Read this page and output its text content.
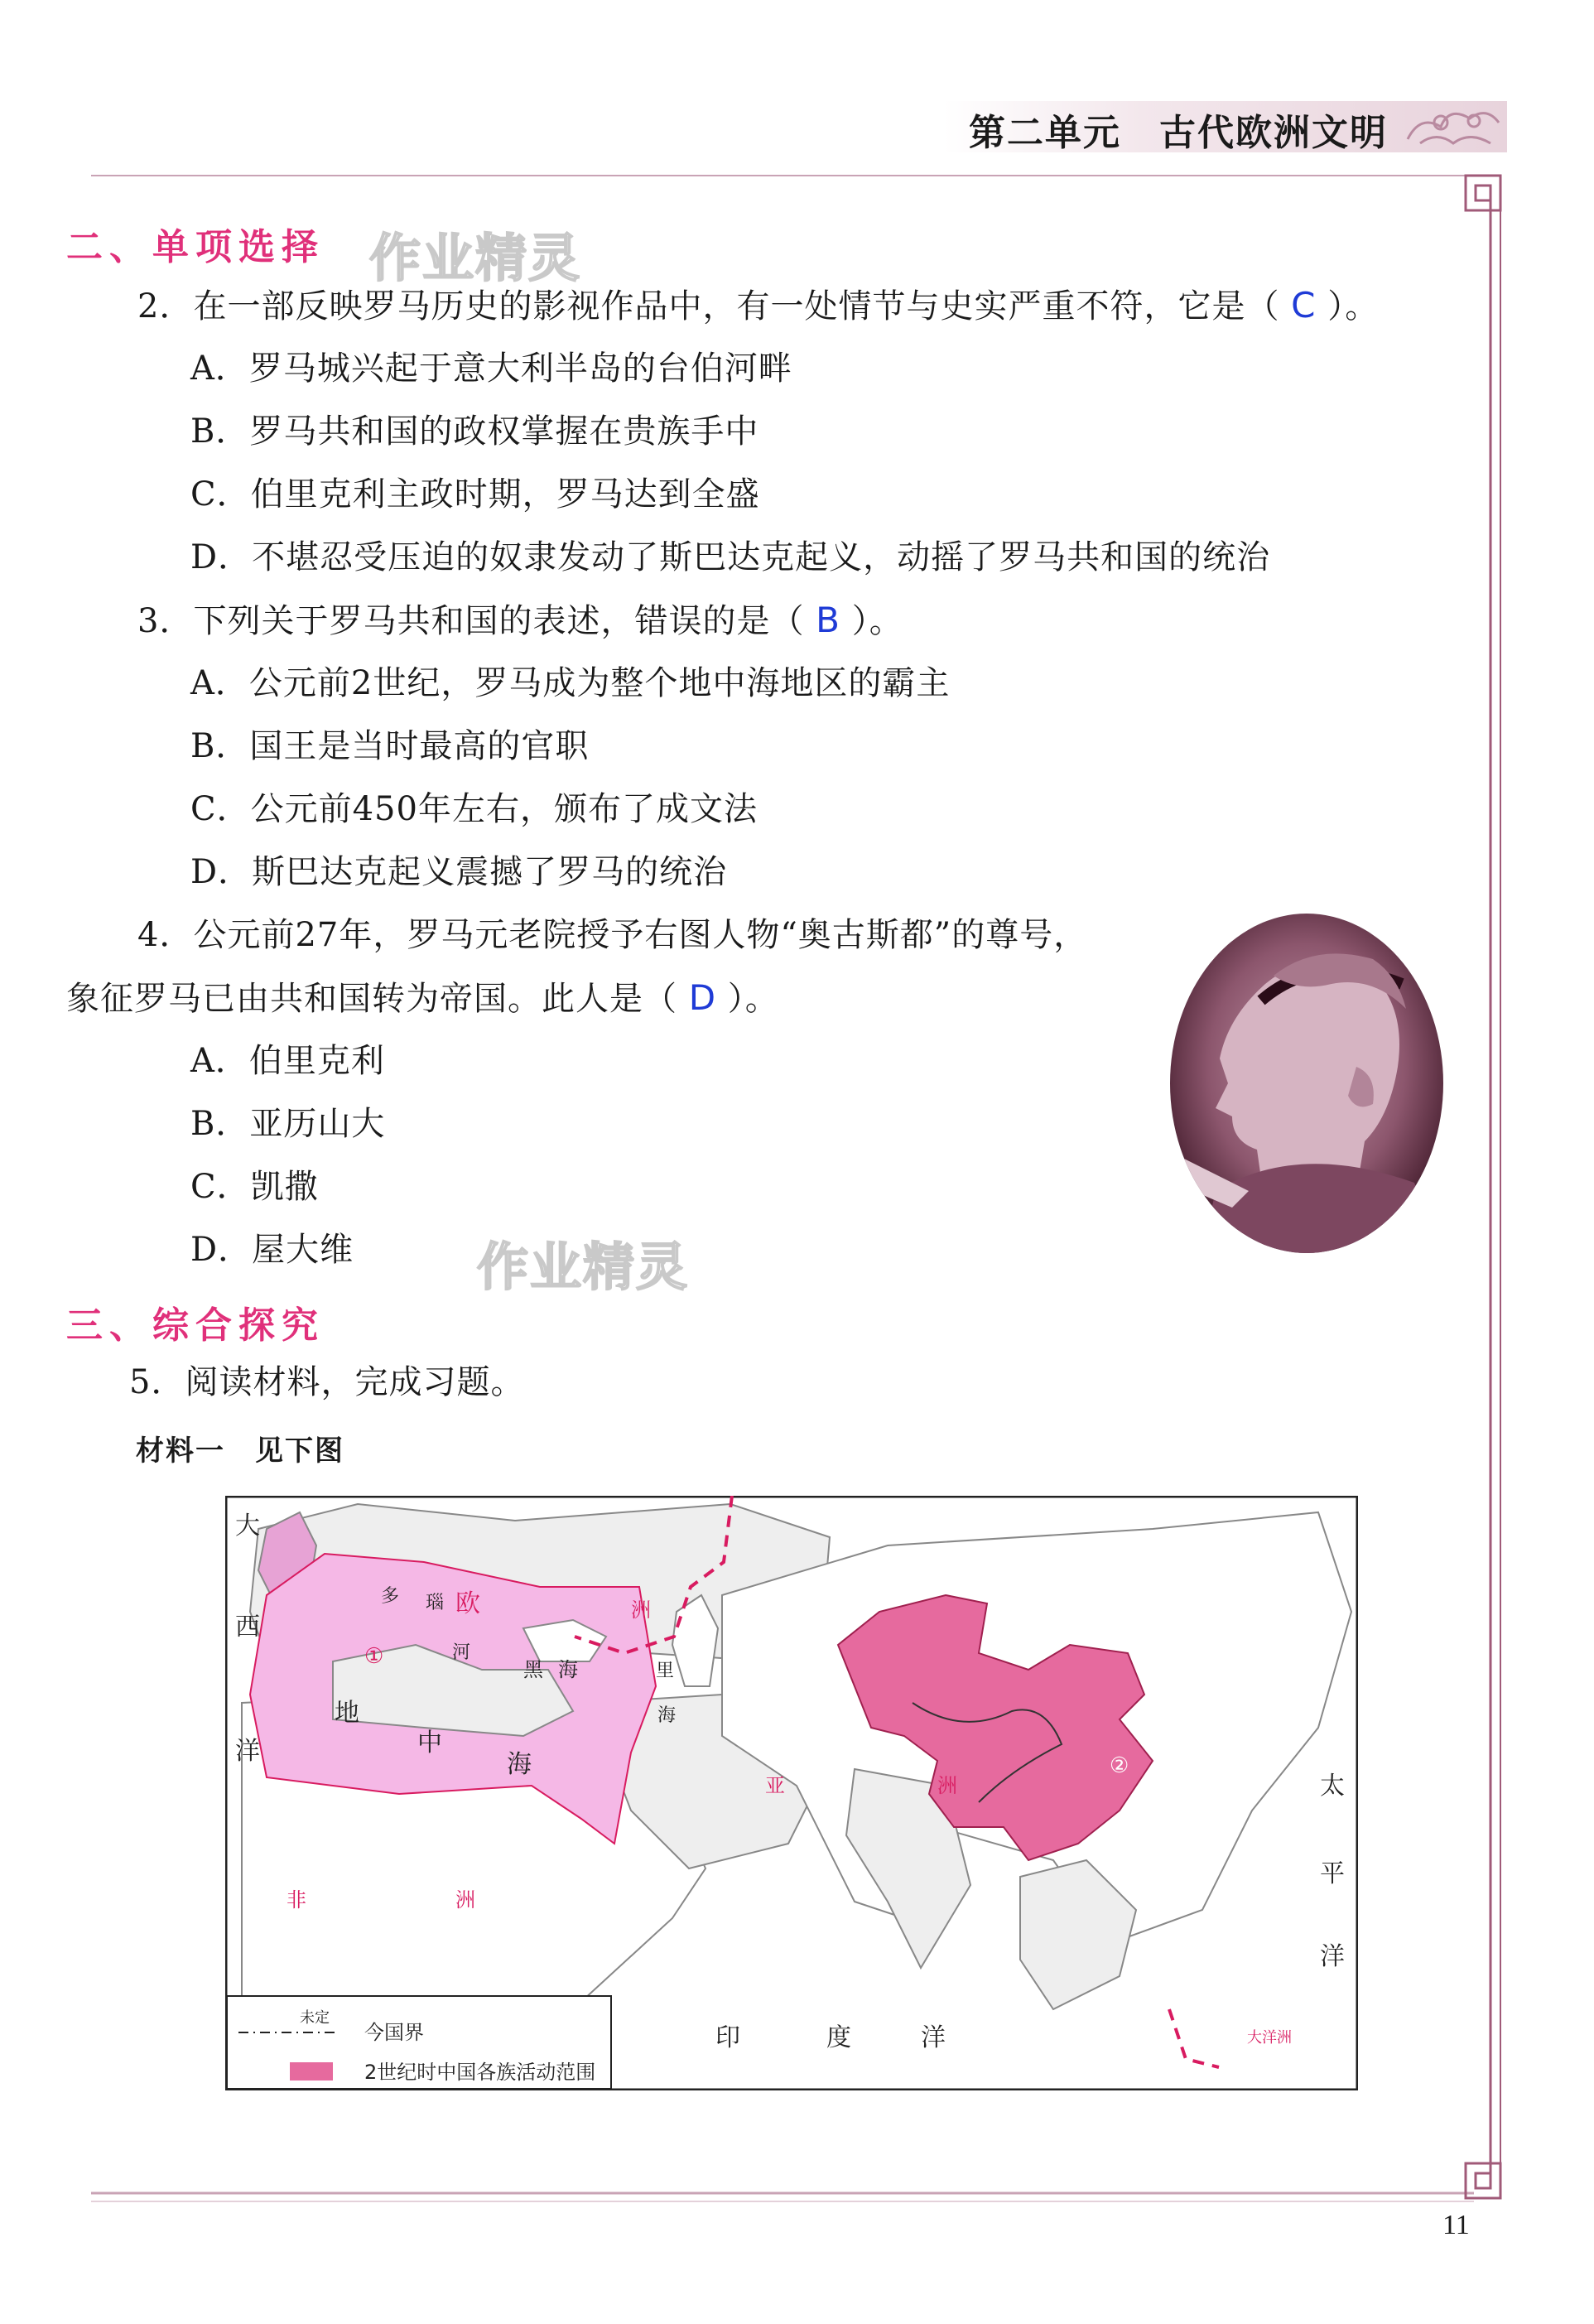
第二单元　古代欧洲文明
二、单项选择 作业精灵
2．在一部反映罗马历史的影视作品中，有一处情节与史实严重不符，它是（ C ）。
A．罗马城兴起于意大利半岛的台伯河畔
B．罗马共和国的政权掌握在贵族手中
C．伯里克利主政时期，罗马达到全盛
D．不堪忍受压迫的奴隶发动了斯巴达克起义，动摇了罗马共和国的统治
3．下列关于罗马共和国的表述，错误的是（ B ）。
A．公元前2世纪，罗马成为整个地中海地区的霸主
B．国王是当时最高的官职
C．公元前450年左右，颁布了成文法
D．斯巴达克起义震撼了罗马的统治
4．公元前27年，罗马元老院授予右图人物“奥古斯都”的尊号，
象征罗马已由共和国转为帝国。此人是（ D ）。
A．伯里克利
B．亚历山大
C．凯撒
D．屋大维 作业精灵
三、综合探究
5．阅读材料，完成习题。
材料一　见下图
大
西
洋
多 瑙
河
欧	洲
黑 海
地
中
海
里
海
亚	洲
非	洲
太
平
洋
印	度	洋
①
②
大洋洲
未定
今国界
2世纪时中国各族活动范围
11
